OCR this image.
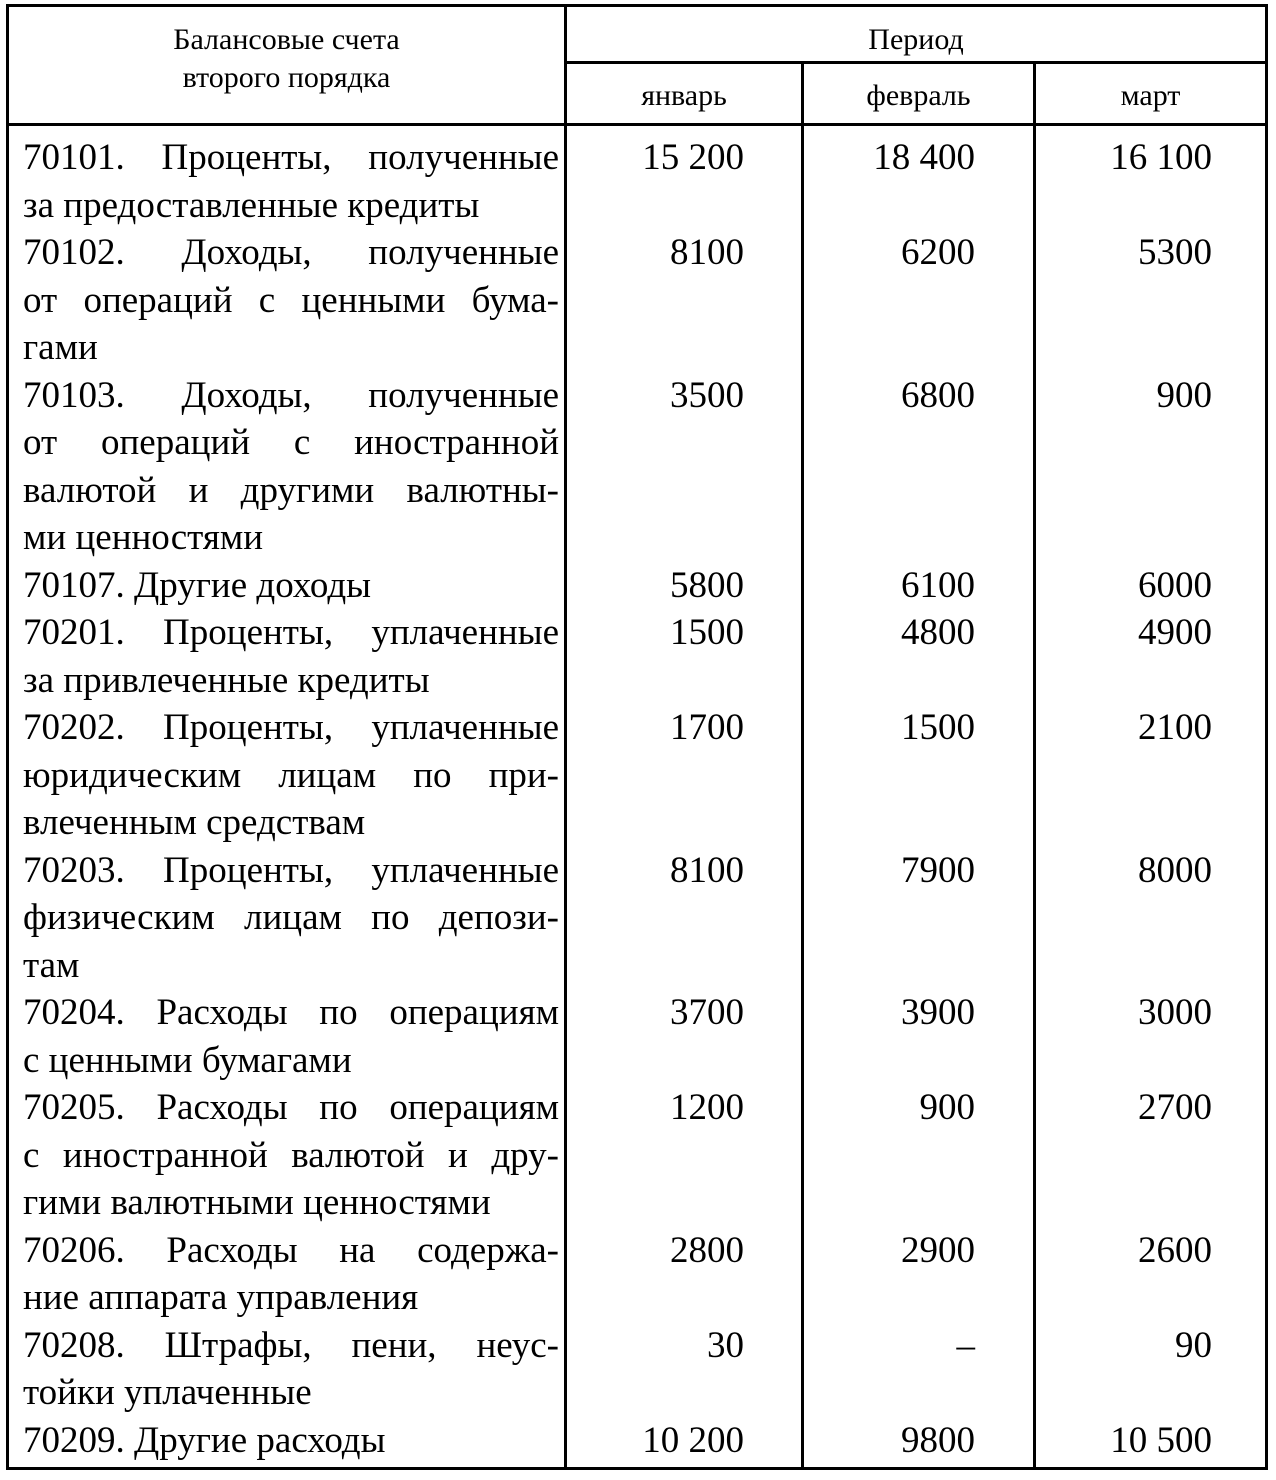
Балансовые счета
второго порядка
Период
январь	февраль	март
70101. Проценты, полученные
за предоставленные кредиты
15 200	18 400	16 100
70102. Доходы, полученные
от операций с ценными бума-
гами
8100	6200	5300
70103. Доходы, полученные
от операций с иностранной
валютой и другими валютны-
ми ценностями
3500	6800	900
70107. Другие доходы	5800	6100	6000
70201. Проценты, уплаченные
за привлеченные кредиты
1500	4800	4900
70202. Проценты, уплаченные
юридическим лицам по при-
влеченным средствам
1700	1500	2100
70203. Проценты, уплаченные
физическим лицам по депози-
там
8100	7900	8000
70204. Расходы по операциям
с ценными бумагами
3700	3900	3000
70205. Расходы по операциям
с иностранной валютой и дру-
гими валютными ценностями
1200	900	2700
70206. Расходы на содержа-
ние аппарата управления
2800	2900	2600
70208. Штрафы, пени, неус-
тойки уплаченные
30	–	90
70209. Другие расходы	10 200	9800	10 500
